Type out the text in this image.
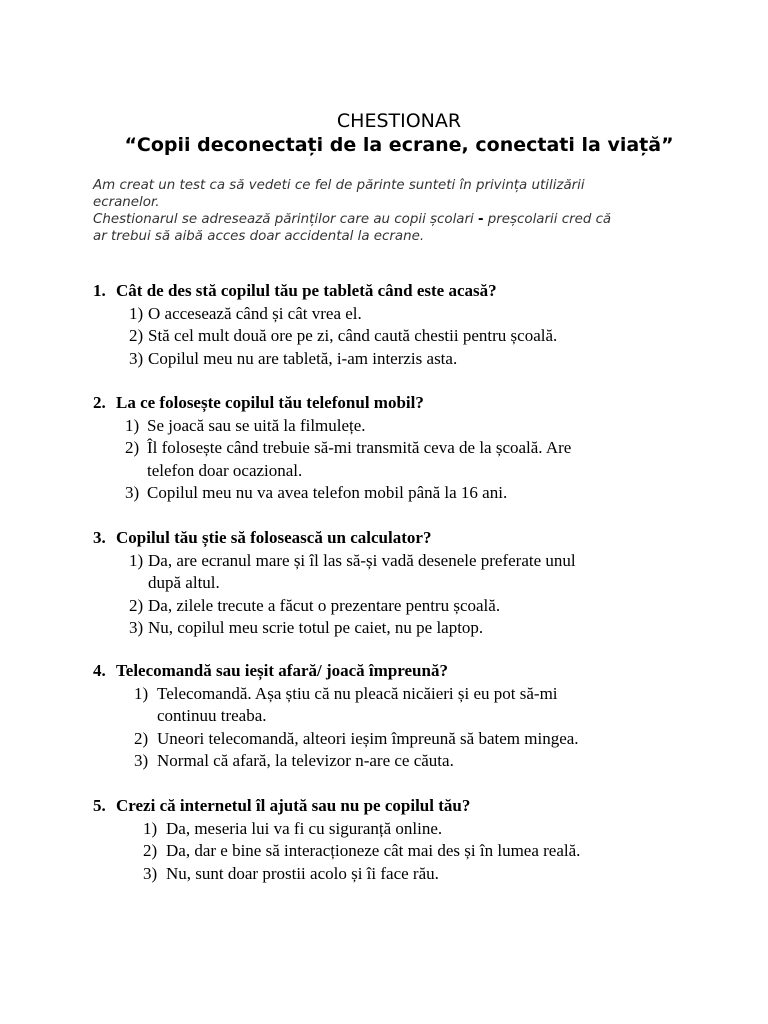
CHESTIONAR
“Copii deconectați de la ecrane, conectati la viață”
Am creat un test ca să vedeti ce fel de părinte sunteti în privința utilizării
ecranelor.
Chestionarul se adresează părinților care au copii școlari - preșcolarii cred că
ar trebui să aibă acces doar accidental la ecrane.
1. Cât de des stă copilul tău pe tabletă când este acasă?
1) O accesează când și cât vrea el.
2) Stă cel mult două ore pe zi, când caută chestii pentru școală.
3) Copilul meu nu are tabletă, i-am interzis asta.
2. La ce folosește copilul tău telefonul mobil?
1) Se joacă sau se uită la filmulețe.
2) Îl folosește când trebuie să-mi transmită ceva de la școală. Are
telefon doar ocazional.
3) Copilul meu nu va avea telefon mobil până la 16 ani.
3. Copilul tău știe să folosească un calculator?
1) Da, are ecranul mare și îl las să-și vadă desenele preferate unul
după altul.
2) Da, zilele trecute a făcut o prezentare pentru școală.
3) Nu, copilul meu scrie totul pe caiet, nu pe laptop.
4. Telecomandă sau ieșit afară/ joacă împreună?
1) Telecomandă. Așa știu că nu pleacă nicăieri și eu pot să-mi
continuu treaba.
2) Uneori telecomandă, alteori ieșim împreună să batem mingea.
3) Normal că afară, la televizor n-are ce căuta.
5. Crezi că internetul îl ajută sau nu pe copilul tău?
1) Da, meseria lui va fi cu siguranță online.
2) Da, dar e bine să interacționeze cât mai des și în lumea reală.
3) Nu, sunt doar prostii acolo și îi face rău.
